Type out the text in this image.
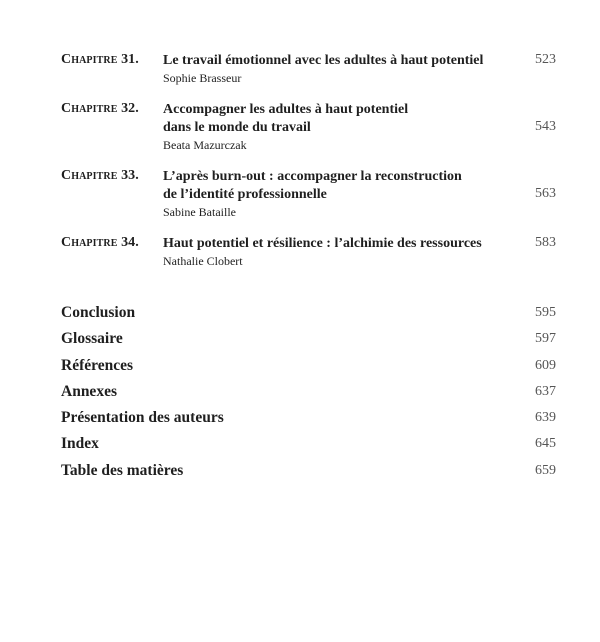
Chapitre 31. Le travail émotionnel avec les adultes à haut potentiel
Sophie Brasseur
523
Chapitre 32. Accompagner les adultes à haut potentiel
dans le monde du travail
Beata Mazurczak
543
Chapitre 33. L’après burn-out : accompagner la reconstruction
de l’identité professionnelle
Sabine Bataille
563
Chapitre 34. Haut potentiel et résilience : l’alchimie des ressources
Nathalie Clobert
583
Conclusion	595
Glossaire	597
Références	609
Annexes	637
Présentation des auteurs	639
Index	645
Table des matières	659
